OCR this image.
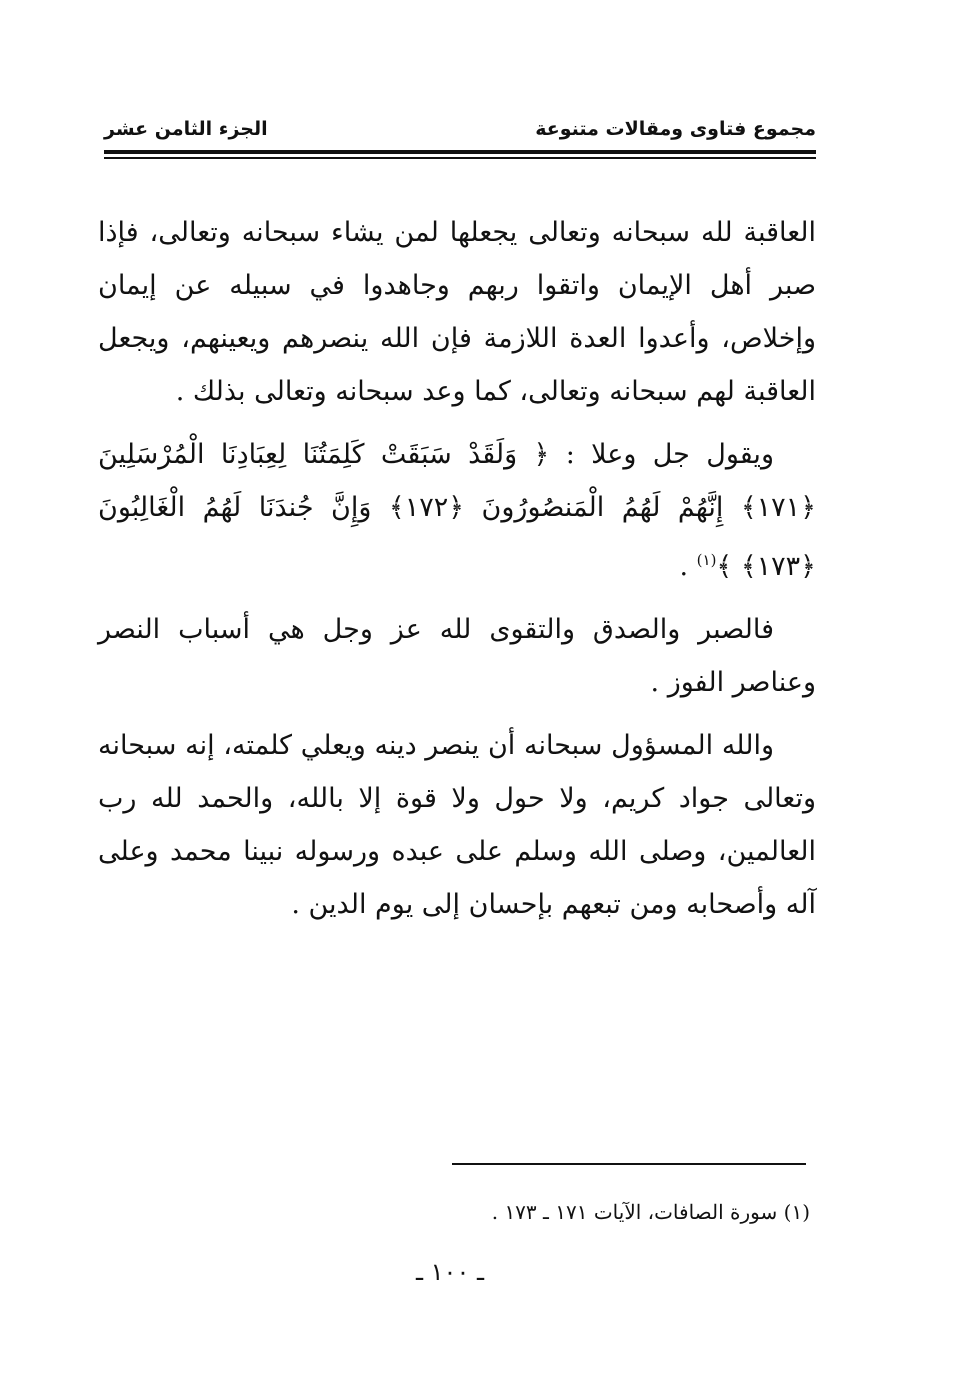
مجموع فتاوى ومقالات متنوعة
الجزء الثامن عشر

العاقبة لله سبحانه وتعالى يجعلها لمن يشاء سبحانه وتعالى، فإذا صبر أهل الإيمان واتقوا ربهم وجاهدوا في سبيله عن إيمان وإخلاص، وأعدوا العدة اللازمة فإن الله ينصرهم ويعينهم، ويجعل العاقبة لهم سبحانه وتعالى، كما وعد سبحانه وتعالى بذلك .

ويقول جل وعلا : ﴿ وَلَقَدْ سَبَقَتْ كَلِمَتُنَا لِعِبَادِنَا الْمُرْسَلِينَ ﴿١٧١﴾ إِنَّهُمْ لَهُمُ الْمَنصُورُونَ ﴿١٧٢﴾ وَإِنَّ جُندَنَا لَهُمُ الْغَالِبُونَ ﴿١٧٣﴾ ﴾$^{(١)}$ .

فالصبر والصدق والتقوى لله عز وجل هي أسباب النصر وعناصر الفوز .

والله المسؤول سبحانه أن ينصر دينه ويعلي كلمته، إنه سبحانه وتعالى جواد كريم، ولا حول ولا قوة إلا بالله، والحمد لله رب العالمين، وصلى الله وسلم على عبده ورسوله نبينا محمد وعلى آله وأصحابه ومن تبعهم بإحسان إلى يوم الدين .

(١) سورة الصافات، الآيات ١٧١ ـ ١٧٣ .
ـ ١٠٠ ـ
